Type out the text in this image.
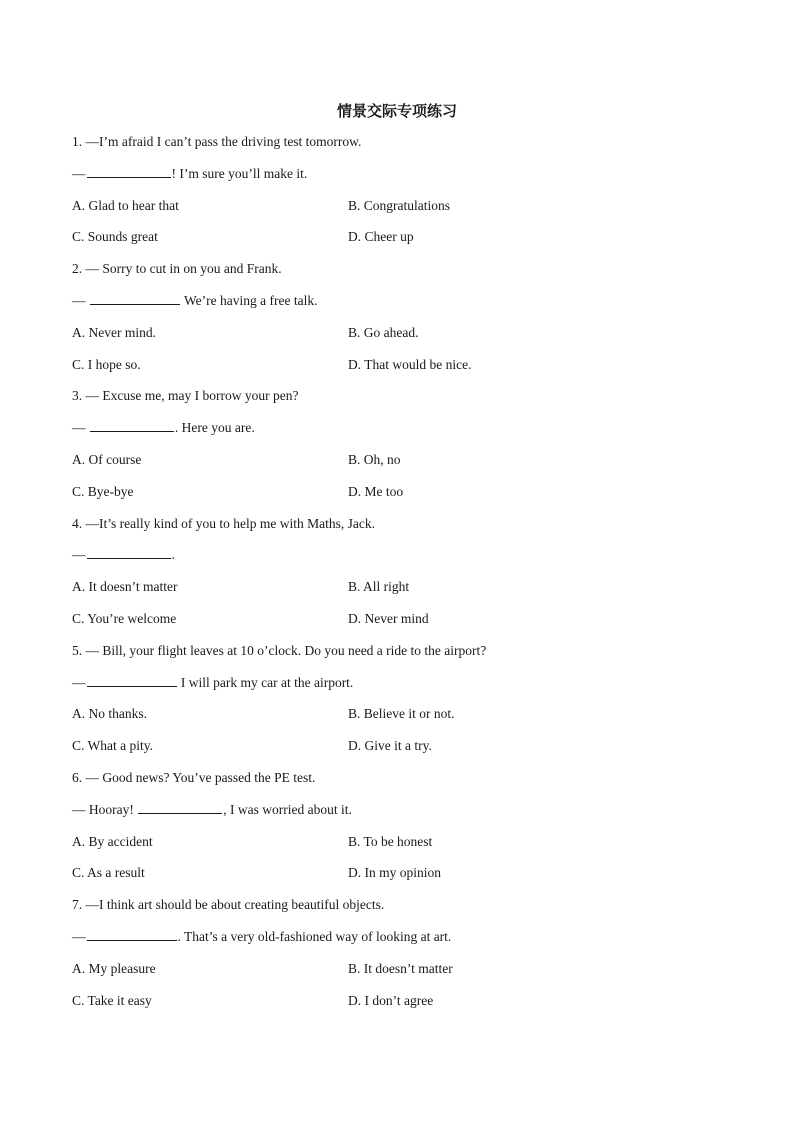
情景交际专项练习
1. —I’m afraid I can’t pass the driving test tomorrow.
—	! I’m sure you’ll make it.
A. Glad to hear that	B. Congratulations
C. Sounds great	D. Cheer up
2. — Sorry to cut in on you and Frank.
—	We’re having a free talk.
A. Never mind.	B. Go ahead.
C. I hope so.	D. That would be nice.
3. — Excuse me, may I borrow your pen?
—	. Here you are.
A. Of course	B. Oh, no
C. Bye-bye	D. Me too
4. —It’s really kind of you to help me with Maths, Jack.
—	.
A. It doesn’t matter	B. All right
C. You’re welcome	D. Never mind
5. — Bill, your flight leaves at 10 o’clock. Do you need a ride to the airport?
—	I will park my car at the airport.
A. No thanks.	B. Believe it or not.
C. What a pity.	D. Give it a try.
6. — Good news? You’ve passed the PE test.
— Hooray!	, I was worried about it.
A. By accident	B. To be honest
C. As a result	D. In my opinion
7. —I think art should be about creating beautiful objects.
—	. That’s a very old-fashioned way of looking at art.
A. My pleasure	B. It doesn’t matter
C. Take it easy	D. I don’t agree
